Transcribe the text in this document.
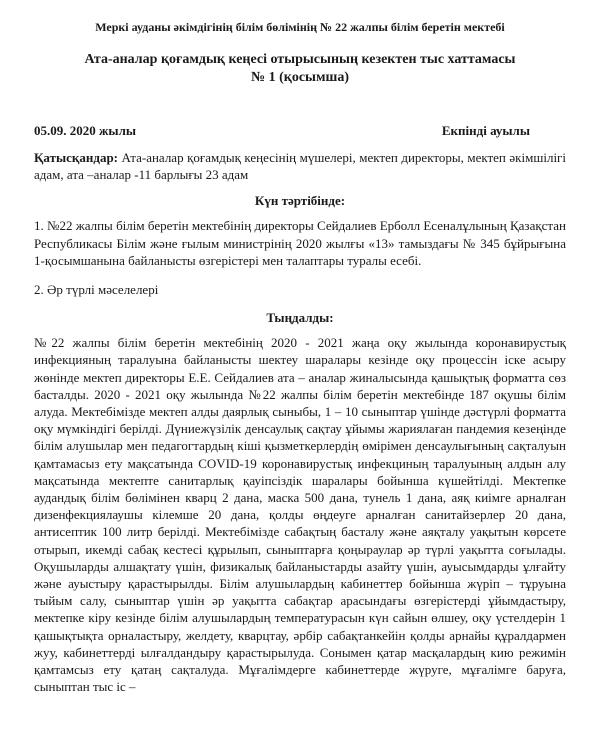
Меркі ауданы әкімдігінің білім бөлімінің № 22 жалпы білім беретін мектебі

Ата-аналар қоғамдық кеңесі отырысының кезектен тыс хаттамасы

№ 1 (қосымша)

05.09. 2020 жылы	Екпінді ауылы

Қатысқандар: Ата-аналар қоғамдық кеңесінің мүшелері, мектеп директоры, мектеп әкімшілігі адам, ата –аналар -11 барлығы 23 адам

Күн тәртібінде:

1. №22 жалпы білім беретін мектебінің директоры Сейдалиев Ерболл Есеналұлының Қазақстан Республикасы Білім және ғылым министрінің 2020 жылғы «13» тамыздағы № 345 бұйрығына 1-қосымшанына байланысты өзгерістері мен талаптары туралы есебі.

2. Әр түрлі мәселелері

Тыңдалды:

№22 жалпы білім беретін мектебінің 2020 - 2021 жаңа оқу жылында коронавирустық инфекцияның таралуына байланысты шектеу шаралары кезінде оқу процессін іске асыру жөнінде мектеп директоры Е.Е. Сейдалиев ата – аналар жиналысында қашықтық форматта сөз басталды. 2020 - 2021 оқу жылында №22 жалпы білім беретін мектебінде 187 оқушы білім алуда. Мектебімізде мектеп алды даярлық сыныбы, 1 – 10 сыныптар үшінде дәстүрлі форматта оқу мүмкіндігі берілді. Дүниежүзілік денсаулық сақтау ұйымы жариялаған пандемия кезеңінде білім алушылар мен педагогтардың кіші қызметкерлердің өмірімен денсаулығының сақталуын қамтамасыз ету мақсатында COVID-19 коронавирустық инфекциның таралуының алдын алу мақсатында мектепте санитарлық қауіпсіздік шаралары бойынша күшейтілді. Мектепке аудандық білім бөлімінен кварц 2 дана, маска 500 дана, тунель 1 дана, аяқ киімге арналған дизенфекциялаушы кілемше 20 дана, қолды өңдеуге арналған санитайзерлер 20 дана, антисептик 100 литр берілді. Мектебімізде сабақтың басталу және аяқталу уақытын көрсете отырып, икемді сабақ кестесі құрылып, сыныптарға қоңыраулар әр түрлі уақытта соғылады. Оқушыларды алшақтату үшін, физикалық байланыстарды азайту үшін, ауысымдарды ұлғайту және ауыстыру қарастырылды. Білім алушылардың кабинеттер бойынша жүріп – тұруына тыйым салу, сыныптар үшін әр уақытта сабақтар арасындағы өзгерістерді ұйымдастыру, мектепке кіру кезінде білім алушылардың температурасын күн сайын өлшеу, оқу үстелдерін 1 қашықтықта орналастыру, желдету, кварцтау, әрбір сабақтанкейін қолды арнайы құралдармен жуу, кабинеттерді ылғалдандыру қарастырылуда. Сонымен қатар масқалардың кию режимін қамтамсыз ету қатаң сақталуда. Мұғалімдерге кабинеттерде жүруге, мұғалімге баруға, сыныптан тыс іс –
